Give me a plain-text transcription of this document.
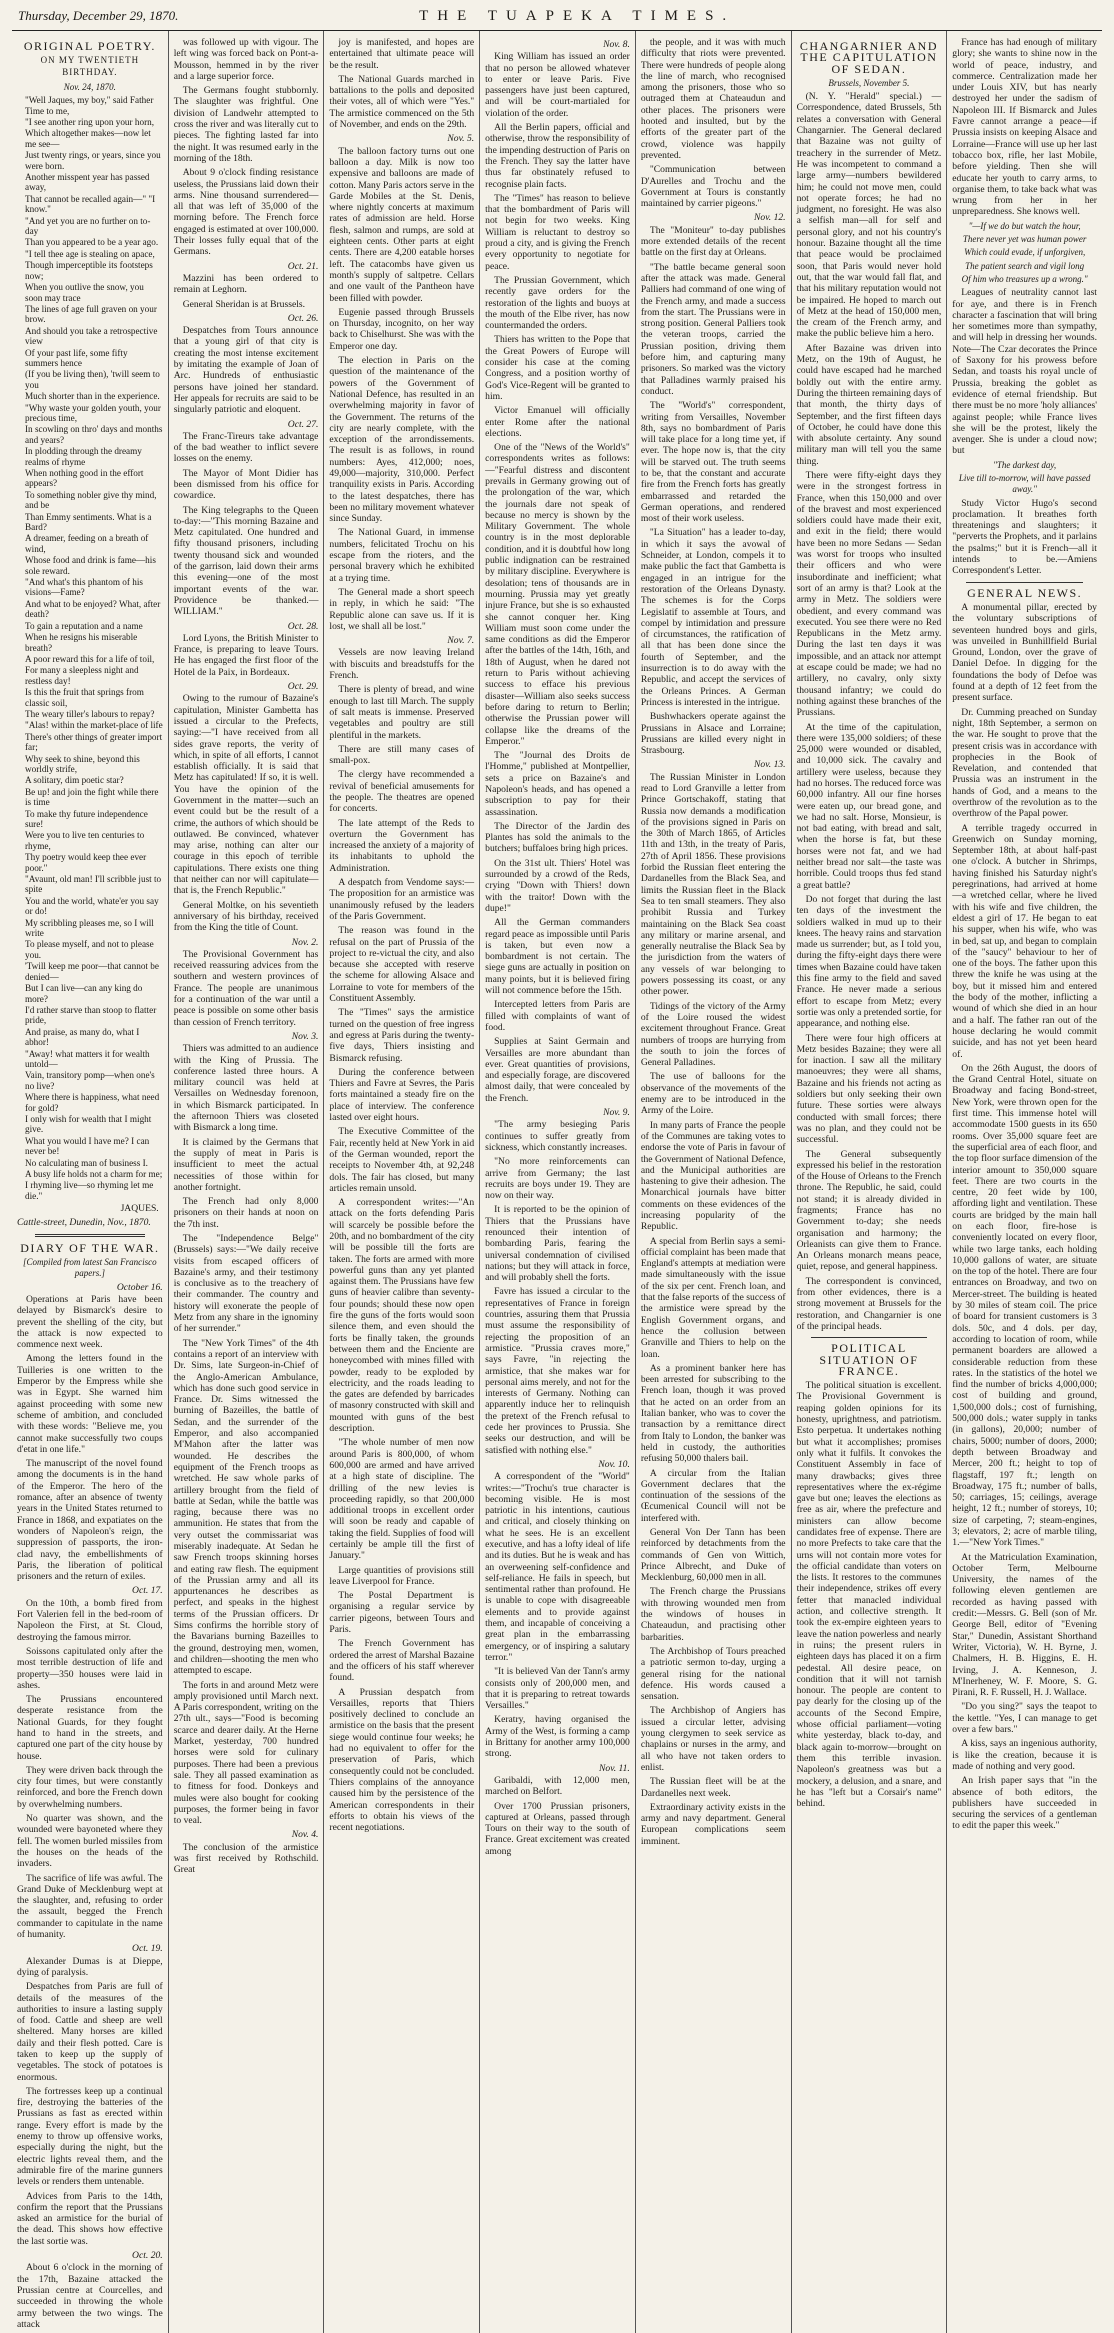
Thursday, December 29, 1870.	THE TUAPEKA TIMES.
ORIGINAL POETRY.
ON MY TWENTIETH BIRTHDAY.
Nov. 24, 1870.

"Well Jaques, my boy," said Father Time to me,

"I see another ring upon your horn,

Which altogether makes—now let me see—

Just twenty rings, or years, since you were born.

Another misspent year has passed away,

That cannot be recalled again—" "I know."

"And yet you are no further on to-day

Than you appeared to be a year ago.

"I tell thee age is stealing on apace,

Though imperceptible its footsteps now;

When you outlive the snow, you soon may trace

The lines of age full graven on your brow.

And should you take a retrospective view

Of your past life, some fifty summers hence

(If you be living then), 'twill seem to you

Much shorter than in the experience.

"Why waste your golden youth, your precious time,

In scowling on thro' days and months and years?

In plodding through the dreamy realms of rhyme

When nothing good in the effort appears?

To something nobler give thy mind, and be

Than Emmy sentiments. What is a Bard?

A dreamer, feeding on a breath of wind,

Whose food and drink is fame—his sole reward.

"And what's this phantom of his visions—Fame?

And what to be enjoyed? What, after death?

To gain a reputation and a name

When he resigns his miserable breath?

A poor reward this for a life of toil,

For many a sleepless night and restless day!

Is this the fruit that springs from classic soil,

The weary tiller's labours to repay?

"Alas! within the market-place of life

There's other things of greater import far;

Why seek to shine, beyond this worldly strife,

A solitary, dim poetic star?

Be up! and join the fight while there is time

To make thy future independence sure!

Were you to live ten centuries to rhyme,

Thy poetry would keep thee ever poor."

"Avaunt, old man! I'll scribble just to spite

You and the world, whate'er you say or do!

My scribbling pleases me, so I will write

To please myself, and not to please you.

'Twill keep me poor—that cannot be denied—

But I can live—can any king do more?

I'd rather starve than stoop to flatter pride,

And praise, as many do, what I abhor!

"Away! what matters it for wealth untold—

Vain, transitory pomp—when one's no live?

Where there is happiness, what need for gold?

I only wish for wealth that I might give.

What you would I have me? I can never be!

No calculating man of business I.

A busy life holds not a charm for me;

I rhyming live—so rhyming let me die."

JAQUES.
Cattle-street, Dunedin, Nov., 1870.
DIARY OF THE WAR.
[Compiled from latest San Francisco papers.]
October 16.

Operations at Paris have been delayed by Bismarck's desire to prevent the shelling of the city, but the attack is now expected to commence next week.

Among the letters found in the Tuilleries is one written to the Emperor by the Empress while she was in Egypt. She warned him against proceeding with some new scheme of ambition, and concluded with these words: "Believe me, you cannot make successfully two coups d'etat in one life."

The manuscript of the novel found among the documents is in the hand of the Emperor. The hero of the romance, after an absence of twenty years in the United States returned to France in 1868, and expatiates on the wonders of Napoleon's reign, the suppression of passports, the iron-clad navy, the embellishments of Paris, the liberation of political prisoners and the return of exiles.

Oct. 17.

On the 10th, a bomb fired from Fort Valerien fell in the bed-room of Napoleon the First, at St. Cloud, destroying the famous mirror.

Soissons capitulated only after the most terrible destruction of life and property—350 houses were laid in ashes.

The Prussians encountered desperate resistance from the National Guards, for they fought hand to hand in the streets, and captured one part of the city house by house.

They were driven back through the city four times, but were constantly reinforced, and bore the French down by overwhelming numbers.

No quarter was shown, and the wounded were bayoneted where they fell. The women burled missiles from the houses on the heads of the invaders.

The sacrifice of life was awful. The Grand Duke of Mecklenburg wept at the slaughter, and, refusing to order the assault, begged the French commander to capitulate in the name of humanity.

Oct. 19.

Alexander Dumas is at Dieppe, dying of paralysis.

Despatches from Paris are full of details of the measures of the authorities to insure a lasting supply of food. Cattle and sheep are well sheltered. Many horses are killed daily and their flesh potted. Care is taken to keep up the supply of vegetables. The stock of potatoes is enormous.

The fortresses keep up a continual fire, destroying the batteries of the Prussians as fast as erected within range. Every effort is made by the enemy to throw up offensive works, especially during the night, but the electric lights reveal them, and the admirable fire of the marine gunners levels or renders them untenable.

Advices from Paris to the 14th, confirm the report that the Prussians asked an armistice for the burial of the dead. This shows how effective the last sortie was.

Oct. 20.

About 6 o'clock in the morning of the 17th, Bazaine attacked the Prussian centre at Courcelles, and succeeded in throwing the whole army between the two wings. The attack

was followed up with vigour. The left wing was forced back on Pont-a-Mousson, hemmed in by the river and a large superior force.

The Germans fought stubbornly. The slaughter was frightful. One division of Landwehr attempted to cross the river and was literally cut to pieces. The fighting lasted far into the night. It was resumed early in the morning of the 18th.

About 9 o'clock finding resistance useless, the Prussians laid down their arms. Nine thousand surrendered—all that was left of 35,000 of the morning before. The French force engaged is estimated at over 100,000. Their losses fully equal that of the Germans.

Oct. 21.

Mazzini has been ordered to remain at Leghorn.

General Sheridan is at Brussels.

Oct. 26.

Despatches from Tours announce that a young girl of that city is creating the most intense excitement by imitating the example of Joan of Arc. Hundreds of enthusiastic persons have joined her standard. Her appeals for recruits are said to be singularly patriotic and eloquent.

Oct. 27.

The Franc-Tireurs take advantage of the bad weather to inflict severe losses on the enemy.

The Mayor of Mont Didier has been dismissed from his office for cowardice.

The King telegraphs to the Queen to-day:—"This morning Bazaine and Metz capitulated. One hundred and fifty thousand prisoners, including twenty thousand sick and wounded of the garrison, laid down their arms this evening—one of the most important events of the war. Providence be thanked.—WILLIAM."

Oct. 28.

Lord Lyons, the British Minister to France, is preparing to leave Tours. He has engaged the first floor of the Hotel de la Paix, in Bordeaux.

Oct. 29.

Owing to the rumour of Bazaine's capitulation, Minister Gambetta has issued a circular to the Prefects, saying:—"I have received from all sides grave reports, the verity of which, in spite of all efforts, I cannot establish officially. It is said that Metz has capitulated! If so, it is well. You have the opinion of the Government in the matter—such an event could but be the result of a crime, the authors of which should be outlawed. Be convinced, whatever may arise, nothing can alter our courage in this epoch of terrible capitulations. There exists one thing that neither can nor will capitulate—that is, the French Republic."

General Moltke, on his seventieth anniversary of his birthday, received from the King the title of Count.

Nov. 2.

The Provisional Government has received reassuring advices from the southern and western provinces of France. The people are unanimous for a continuation of the war until a peace is possible on some other basis than cession of French territory.

Nov. 3.

Thiers was admitted to an audience with the King of Prussia. The conference lasted three hours. A military council was held at Versailles on Wednesday forenoon, in which Bismarck participated. In the afternoon Thiers was closeted with Bismarck a long time.

It is claimed by the Germans that the supply of meat in Paris is insufficient to meet the actual necessities of those within for another fortnight.

The French had only 8,000 prisoners on their hands at noon on the 7th inst.

The "Independence Belge" (Brussels) says:—"We daily receive visits from escaped officers of Bazaine's army, and their testimony is conclusive as to the treachery of their commander. The country and history will exonerate the people of Metz from any share in the ignominy of her surrender."

The "New York Times" of the 4th contains a report of an interview with Dr. Sims, late Surgeon-in-Chief of the Anglo-American Ambulance, which has done such good service in France. Dr. Sims witnessed the burning of Bazeilles, the battle of Sedan, and the surrender of the Emperor, and also accompanied M'Mahon after the latter was wounded. He describes the equipment of the French troops as wretched. He saw whole parks of artillery brought from the field of battle at Sedan, while the battle was raging, because there was no ammunition. He states that from the very outset the commissariat was miserably inadequate. At Sedan he saw French troops skinning horses and eating raw flesh. The equipment of the Prussian army and all its appurtenances he describes as perfect, and speaks in the highest terms of the Prussian officers. Dr Sims confirms the horrible story of the Bavarians burning Bazeilles to the ground, destroying men, women, and children—shooting the men who attempted to escape.

The forts in and around Metz were amply provisioned until March next. A Paris correspondent, writing on the 27th ult., says—"Food is becoming scarce and dearer daily. At the Herne Market, yesterday, 700 hundred horses were sold for culinary purposes. There had been a previous sale. They all passed examination as to fitness for food. Donkeys and mules were also bought for cooking purposes, the former being in favor to veal.

Nov. 4.

The conclusion of the armistice was first received by Rothschild. Great

joy is manifested, and hopes are entertained that ultimate peace will be the result.

The National Guards marched in battalions to the polls and deposited their votes, all of which were "Yes." The armistice commenced on the 5th of November, and ends on the 29th.

Nov. 5.

The balloon factory turns out one balloon a day. Milk is now too expensive and balloons are made of cotton. Many Paris actors serve in the Garde Mobiles at the St. Denis, where nightly concerts at maximum rates of admission are held. Horse flesh, salmon and rumps, are sold at eighteen cents. Other parts at eight cents. There are 4,200 eatable horses left. The catacombs have given us month's supply of saltpetre. Cellars and one vault of the Pantheon have been filled with powder.

Eugenie passed through Brussels on Thursday, incognito, on her way back to Chiselhurst. She was with the Emperor one day.

The election in Paris on the question of the maintenance of the powers of the Government of National Defence, has resulted in an overwhelming majority in favor of the Government. The returns of the city are nearly complete, with the exception of the arrondissements. The result is as follows, in round numbers: Ayes, 412,000; noes, 49,000—majority, 310,000. Perfect tranquility exists in Paris. According to the latest despatches, there has been no military movement whatever since Sunday.

The National Guard, in immense numbers, felicitated Trochu on his escape from the rioters, and the personal bravery which he exhibited at a trying time.

The General made a short speech in reply, in which he said: "The Republic alone can save us. If it is lost, we shall all be lost."

Nov. 7.

Vessels are now leaving Ireland with biscuits and breadstuffs for the French.

There is plenty of bread, and wine enough to last till March. The supply of salt meats is immense. Preserved vegetables and poultry are still plentiful in the markets.

There are still many cases of small-pox.

The clergy have recommended a revival of beneficial amusements for the people. The theatres are opened for concerts.

The late attempt of the Reds to overturn the Government has increased the anxiety of a majority of its inhabitants to uphold the Administration.

A despatch from Vendome says:—The proposition for an armistice was unanimously refused by the leaders of the Paris Government.

The reason was found in the refusal on the part of Prussia of the project to re-victual the city, and also because she accepted with reserve the scheme for allowing Alsace and Lorraine to vote for members of the Constituent Assembly.

The "Times" says the armistice turned on the question of free ingress and egress at Paris during the twenty-five days, Thiers insisting and Bismarck refusing.

During the conference between Thiers and Favre at Sevres, the Paris forts maintained a steady fire on the place of interview. The conference lasted over eight hours.

The Executive Committee of the Fair, recently held at New York in aid of the German wounded, report the receipts to November 4th, at 92,248 dols. The fair has closed, but many articles remain unsold.

A correspondent writes:—"An attack on the forts defending Paris will scarcely be possible before the 20th, and no bombardment of the city will be possible till the forts are taken. The forts are armed with more powerful guns than any yet planted against them. The Prussians have few guns of heavier calibre than seventy-four pounds; should these now open fire the guns of the forts would soon silence them, and even should the forts be finally taken, the grounds between them and the Enciente are honeycombed with mines filled with powder, ready to be exploded by electricity, and the roads leading to the gates are defended by barricades of masonry constructed with skill and mounted with guns of the best description.

"The whole number of men now around Paris is 800,000, of whom 600,000 are armed and have arrived at a high state of discipline. The drilling of the new levies is proceeding rapidly, so that 200,000 additional troops in excellent order will soon be ready and capable of taking the field. Supplies of food will certainly be ample till the first of January."

Large quantities of provisions still leave Liverpool for France.

The Postal Department is organising a regular service by carrier pigeons, between Tours and Paris.

The French Government has ordered the arrest of Marshal Bazaine and the officers of his staff wherever found.

A Prussian despatch from Versailles, reports that Thiers positively declined to conclude an armistice on the basis that the present siege would continue four weeks; he had no equivalent to offer for the preservation of Paris, which consequently could not be concluded. Thiers complains of the annoyance caused him by the persistence of the American correspondents in their efforts to obtain his views of the recent negotiations.

Nov. 8.

King William has issued an order that no person be allowed whatever to enter or leave Paris. Five passengers have just been captured, and will be court-martialed for violation of the order.

All the Berlin papers, official and otherwise, throw the responsibility of the impending destruction of Paris on the French. They say the latter have thus far obstinately refused to recognise plain facts.

The "Times" has reason to believe that the bombardment of Paris will not begin for two weeks. King William is reluctant to destroy so proud a city, and is giving the French every opportunity to negotiate for peace.

The Prussian Government, which recently gave orders for the restoration of the lights and buoys at the mouth of the Elbe river, has now countermanded the orders.

Thiers has written to the Pope that the Great Powers of Europe will consider his case at the coming Congress, and a position worthy of God's Vice-Regent will be granted to him.

Victor Emanuel will officially enter Rome after the national elections.

One of the "News of the World's" correspondents writes as follows:—"Fearful distress and discontent prevails in Germany growing out of the prolongation of the war, which the journals dare not speak of because no mercy is shown by the Military Government. The whole country is in the most deplorable condition, and it is doubtful how long public indignation can be restrained by military discipline. Everywhere is desolation; tens of thousands are in mourning. Prussia may yet greatly injure France, but she is so exhausted she cannot conquer her. King William must soon come under the same conditions as did the Emperor after the battles of the 14th, 16th, and 18th of August, when he dared not return to Paris without achieving success to efface his previous disaster—William also seeks success before daring to return to Berlin; otherwise the Prussian power will collapse like the dreams of the Emperor."

The "Journal des Droits de l'Homme," published at Montpellier, sets a price on Bazaine's and Napoleon's heads, and has opened a subscription to pay for their assassination.

The Director of the Jardin des Plantes has sold the animals to the butchers; buffaloes bring high prices.

On the 31st ult. Thiers' Hotel was surrounded by a crowd of the Reds, crying "Down with Thiers! down with the traitor! Down with the dupe!"

All the German commanders regard peace as impossible until Paris is taken, but even now a bombardment is not certain. The siege guns are actually in position on many points, but it is believed firing will not commence before the 15th.

Intercepted letters from Paris are filled with complaints of want of food.

Supplies at Saint Germain and Versailles are more abundant than ever. Great quantities of provisions, and especially forage, are discovered almost daily, that were concealed by the French.

Nov. 9.

"The army besieging Paris continues to suffer greatly from sickness, which constantly increases.

"No more reinforcements can arrive from Germany; the last recruits are boys under 19. They are now on their way.

It is reported to be the opinion of Thiers that the Prussians have renounced their intention of bombarding Paris, fearing the universal condemnation of civilised nations; but they will attack in force, and will probably shell the forts.

Favre has issued a circular to the representatives of France in foreign countries, assuring them that Prussia must assume the responsibility of rejecting the proposition of an armistice. "Prussia craves more," says Favre, "in rejecting the armistice, that she makes war for personal aims merely, and not for the interests of Germany. Nothing can apparently induce her to relinquish the pretext of the French refusal to cede her provinces to Prussia. She seeks our destruction, and will be satisfied with nothing else."

Nov. 10.

A correspondent of the "World" writes:—"Trochu's true character is becoming visible. He is most patriotic in his intentions, cautious and critical, and closely thinking on what he sees. He is an excellent executive, and has a lofty ideal of life and its duties. But he is weak and has an overweening self-confidence and self-reliance. He fails in speech, but sentimental rather than profound. He is unable to cope with disagreeable elements and to provide against them, and incapable of conceiving a great plan in the embarrassing emergency, or of inspiring a salutary terror."

"It is believed Van der Tann's army consists only of 200,000 men, and that it is preparing to retreat towards Versailles."

Keratry, having organised the Army of the West, is forming a camp in Brittany for another army 100,000 strong.

Nov. 11.

Garibaldi, with 12,000 men, marched on Belfort.

Over 1700 Prussian prisoners, captured at Orleans, passed through Tours on their way to the south of France. Great excitement was created among

the people, and it was with much difficulty that riots were prevented. There were hundreds of people along the line of march, who recognised among the prisoners, those who so outraged them at Chateaudun and other places. The prisoners were hooted and insulted, but by the efforts of the greater part of the crowd, violence was happily prevented.

"Communication between D'Aurelles and Trochu and the Government at Tours is constantly maintained by carrier pigeons."

Nov. 12.

The "Moniteur" to-day publishes more extended details of the recent battle on the first day at Orleans.

"The battle became general soon after the attack was made. General Palliers had command of one wing of the French army, and made a success from the start. The Prussians were in strong position. General Palliers took the veteran troops, carried the Prussian position, driving them before him, and capturing many prisoners. So marked was the victory that Palladines warmly praised his conduct.

The "World's" correspondent, writing from Versailles, November 8th, says no bombardment of Paris will take place for a long time yet, if ever. The hope now is, that the city will be starved out. The truth seems to be, that the constant and accurate fire from the French forts has greatly embarrassed and retarded the German operations, and rendered most of their work useless.

"La Situation" has a leader to-day, in which it says the avowal of Schneider, at London, compels it to make public the fact that Gambetta is engaged in an intrigue for the restoration of the Orleans Dynasty. The schemes is for the Corps Legislatif to assemble at Tours, and compel by intimidation and pressure of circumstances, the ratification of all that has been done since the fourth of September, and the insurrection is to do away with the Republic, and accept the services of the Orleans Princes. A German Princess is interested in the intrigue.

Bushwhackers operate against the Prussians in Alsace and Lorraine; Prussians are killed every night in Strasbourg.

Nov. 13.

The Russian Minister in London read to Lord Granville a letter from Prince Gortschakoff, stating that Russia now demands a modification of the provisions signed in Paris on the 30th of March 1865, of Articles 11th and 13th, in the treaty of Paris, 27th of April 1856. These provisions forbid the Russian fleet entering the Dardanelles from the Black Sea, and limits the Russian fleet in the Black Sea to ten small steamers. They also prohibit Russia and Turkey maintaining on the Black Sea coast any military or marine arsenal, and generally neutralise the Black Sea by the jurisdiction from the waters of any vessels of war belonging to powers possessing its coast, or any other power.

Tidings of the victory of the Army of the Loire roused the widest excitement throughout France. Great numbers of troops are hurrying from the south to join the forces of General Palladines.

The use of balloons for the observance of the movements of the enemy are to be introduced in the Army of the Loire.

In many parts of France the people of the Communes are taking votes to endorse the vote of Paris in favour of the Government of National Defence, and the Municipal authorities are hastening to give their adhesion. The Monarchical journals have bitter comments on these evidences of the increasing popularity of the Republic.

A special from Berlin says a semi-official complaint has been made that England's attempts at mediation were made simultaneously with the issue of the six per cent. French loan, and that the false reports of the success of the armistice were spread by the English Government organs, and hence the collusion between Granville and Thiers to help on the loan.

As a prominent banker here has been arrested for subscribing to the French loan, though it was proved that he acted on an order from an Italian banker, who was to cover the transaction by a remittance direct from Italy to London, the banker was held in custody, the authorities refusing 50,000 thalers bail.

A circular from the Italian Government declares that the continuation of the sessions of the Œcumenical Council will not be interfered with.

General Von Der Tann has been reinforced by detachments from the commands of Gen von Wittich, Prince Albrecht, and Duke of Mecklenburg, 60,000 men in all.

The French charge the Prussians with throwing wounded men from the windows of houses in Chateaudun, and practising other barbarities.

The Archbishop of Tours preached a patriotic sermon to-day, urging a general rising for the national defence. His words caused a sensation.

The Archbishop of Angiers has issued a circular letter, advising young clergymen to seek service as chaplains or nurses in the army, and all who have not taken orders to enlist.

The Russian fleet will be at the Dardanelles next week.

Extraordinary activity exists in the army and navy department. General European complications seem imminent.

CHANGARNIER AND THE CAPITULATION OF SEDAN.
Brussels, November 5.

(N. Y. "Herald" special.) — Correspondence, dated Brussels, 5th relates a conversation with General Changarnier. The General declared that Bazaine was not guilty of treachery in the surrender of Metz. He was incompetent to command a large army—numbers bewildered him; he could not move men, could not operate forces; he had no judgment, no foresight. He was also a selfish man—all for self and personal glory, and not his country's honour. Bazaine thought all the time that peace would be proclaimed soon, that Paris would never hold out, that the war would fall flat, and that his military reputation would not be impaired. He hoped to march out of Metz at the head of 150,000 men, the cream of the French army, and make the public believe him a hero.

After Bazaine was driven into Metz, on the 19th of August, he could have escaped had he marched boldly out with the entire army. During the thirteen remaining days of that month, the thirty days of September, and the first fifteen days of October, he could have done this with absolute certainty. Any sound military man will tell you the same thing.

There were fifty-eight days they were in the strongest fortress in France, when this 150,000 and over of the bravest and most experienced soldiers could have made their exit, and exit in the field; there would have been no more Sedans — Sedan was worst for troops who insulted their officers and who were insubordinate and inefficient; what sort of an army is that? Look at the army in Metz. The soldiers were obedient, and every command was executed. You see there were no Red Republicans in the Metz army. During the last ten days it was impossible, and an attack nor attempt at escape could be made; we had no artillery, no cavalry, only sixty thousand infantry; we could do nothing against these branches of the Prussians.

At the time of the capitulation, there were 135,000 soldiers; of these 25,000 were wounded or disabled, and 10,000 sick. The cavalry and artillery were useless, because they had no horses. The reduced force was 60,000 infantry. All our fine horses were eaten up, our bread gone, and we had no salt. Horse, Monsieur, is not bad eating, with bread and salt, when the horse is fat, but these horses were not fat, and we had neither bread nor salt—the taste was horrible. Could troops thus fed stand a great battle?

Do not forget that during the last ten days of the investment the soldiers walked in mud up to their knees. The heavy rains and starvation made us surrender; but, as I told you, during the fifty-eight days there were times when Bazaine could have taken this fine army to the field and saved France. He never made a serious effort to escape from Metz; every sortie was only a pretended sortie, for appearance, and nothing else.

There were four high officers at Metz besides Bazaine; they were all for inaction. I saw all the military manoeuvres; they were all shams, Bazaine and his friends not acting as soldiers but only seeking their own future. These sorties were always conducted with small forces; there was no plan, and they could not be successful.

The General subsequently expressed his belief in the restoration of the House of Orleans to the French throne. The Republic, he said, could not stand; it is already divided in fragments; France has no Government to-day; she needs organisation and harmony; the Orleanists can give them to France. An Orleans monarch means peace, quiet, repose, and general happiness.

The correspondent is convinced, from other evidences, there is a strong movement at Brussels for the restoration, and Changarnier is one of the principal heads.

POLITICAL SITUATION OF FRANCE.

The political situation is excellent. The Provisional Government is reaping golden opinions for its honesty, uprightness, and patriotism. Esto perpetua. It undertakes nothing but what it accomplishes; promises only what it fulfils. It convokes the Constituent Assembly in face of many drawbacks; gives three representatives where the ex-régime gave but one; leaves the elections as free as air, where the prefecture and ministers can allow become candidates free of expense. There are no more Prefects to take care that the urns will not contain more votes for the official candidate than voters on the lists. It restores to the communes their independence, strikes off every fetter that manacled individual action, and collective strength. It took the ex-empire eighteen years to leave the nation powerless and nearly in ruins; the present rulers in eighteen days has placed it on a firm pedestal. All desire peace, on condition that it will not tarnish honour. The people are content to pay dearly for the closing up of the accounts of the Second Empire, whose official parliament—voting white yesterday, black to-day, and black again to-morrow—brought on them this terrible invasion. Napoleon's greatness was but a mockery, a delusion, and a snare, and he has "left but a Corsair's name" behind.

France has had enough of military glory; she wants to shine now in the world of peace, industry, and commerce. Centralization made her under Louis XIV, but has nearly destroyed her under the sadism of Napoleon III. If Bismarck and Jules Favre cannot arrange a peace—if Prussia insists on keeping Alsace and Lorraine—France will use up her last tobacco box, rifle, her last Mobile, before yielding. Then she will educate her youth to carry arms, to organise them, to take back what was wrung from her in her unpreparedness. She knows well.

"—If we do but watch the hour,
There never yet was human power
Which could evade, if unforgiven,
The patient search and vigil long
Of him who treasures up a wrong."

Leagues of neutrality cannot last for aye, and there is in French character a fascination that will bring her sometimes more than sympathy, and will help in dressing her wounds. Note—The Czar decorates the Prince of Saxony for his prowess before Sedan, and toasts his royal uncle of Prussia, breaking the goblet as evidence of eternal friendship. But there must be no more 'holy alliances' against people; while France lives she will be the protest, likely the avenger. She is under a cloud now; but

"The darkest day,
Live till to-morrow, will have passed away."

Study Victor Hugo's second proclamation. It breathes forth threatenings and slaughters; it "perverts the Prophets, and it parlains the psalms;" but it is French—all it intends to be.—Amiens Correspondent's Letter.

GENERAL NEWS.

A monumental pillar, erected by the voluntary subscriptions of seventeen hundred boys and girls, was unveiled in Bunhillfield Burial Ground, London, over the grave of Daniel Defoe. In digging for the foundations the body of Defoe was found at a depth of 12 feet from the present surface.

Dr. Cumming preached on Sunday night, 18th September, a sermon on the war. He sought to prove that the present crisis was in accordance with prophecies in the Book of Revelation, and contended that Prussia was an instrument in the hands of God, and a means to the overthrow of the revolution as to the overthrow of the Papal power.

A terrible tragedy occurred in Greenwich on Sunday morning, September 18th, at about half-past one o'clock. A butcher in Shrimps, having finished his Saturday night's peregrinations, had arrived at home—a wretched cellar, where he lived with his wife and five children, the eldest a girl of 17. He began to eat his supper, when his wife, who was in bed, sat up, and began to complain of the "saucy" behaviour to her of one of the boys. The father upon this threw the knife he was using at the boy, but it missed him and entered the body of the mother, inflicting a wound of which she died in an hour and a half. The father ran out of the house declaring he would commit suicide, and has not yet been heard of.

On the 26th August, the doors of the Grand Central Hotel, situate on Broadway and facing Bond-street, New York, were thrown open for the first time. This immense hotel will accommodate 1500 guests in its 650 rooms. Over 35,000 square feet are the superficial area of each floor, and the top floor surface dimension of the interior amount to 350,000 square feet. There are two courts in the centre, 20 feet wide by 100, affording light and ventilation. These courts are bridged by the main hall on each floor, fire-hose is conveniently located on every floor, while two large tanks, each holding 10,000 gallons of water, are situate on the top of the hotel. There are four entrances on Broadway, and two on Mercer-street. The building is heated by 30 miles of steam coil. The price of board for transient customers is 3 dols. 50c, and 4 dols. per day, according to location of room, while permanent boarders are allowed a considerable reduction from these rates. In the statistics of the hotel we find the number of bricks 4,000,000; cost of building and ground, 1,500,000 dols.; cost of furnishing, 500,000 dols.; water supply in tanks (in gallons), 20,000; number of chairs, 5000; number of doors, 2000; depth between Broadway and Mercer, 200 ft.; height to top of flagstaff, 197 ft.; length on Broadway, 175 ft.; number of balls, 50; carriages, 15; ceilings, average height, 12 ft.; number of storeys, 10; size of carpeting, 7; steam-engines, 3; elevators, 2; acre of marble tiling, 1.—"New York Times."

At the Matriculation Examination, October Term, Melbourne University, the names of the following eleven gentlemen are recorded as having passed with credit:—Messrs. G. Bell (son of Mr. George Bell, editor of "Evening Star," Dunedin, Assistant Shorthand Writer, Victoria), W. H. Byrne, J. Chalmers, H. B. Higgins, E. H. Irving, J. A. Kenneson, J. M'Inerheney, W. F. Moore, S. G. Pirani, R. F. Russell, H. J. Wallace.

"Do you sing?" says the teapot to the kettle. "Yes, I can manage to get over a few bars."

A kiss, says an ingenious authority, is like the creation, because it is made of nothing and very good.

An Irish paper says that "in the absence of both editors, the publishers have succeeded in securing the services of a gentleman to edit the paper this week."
